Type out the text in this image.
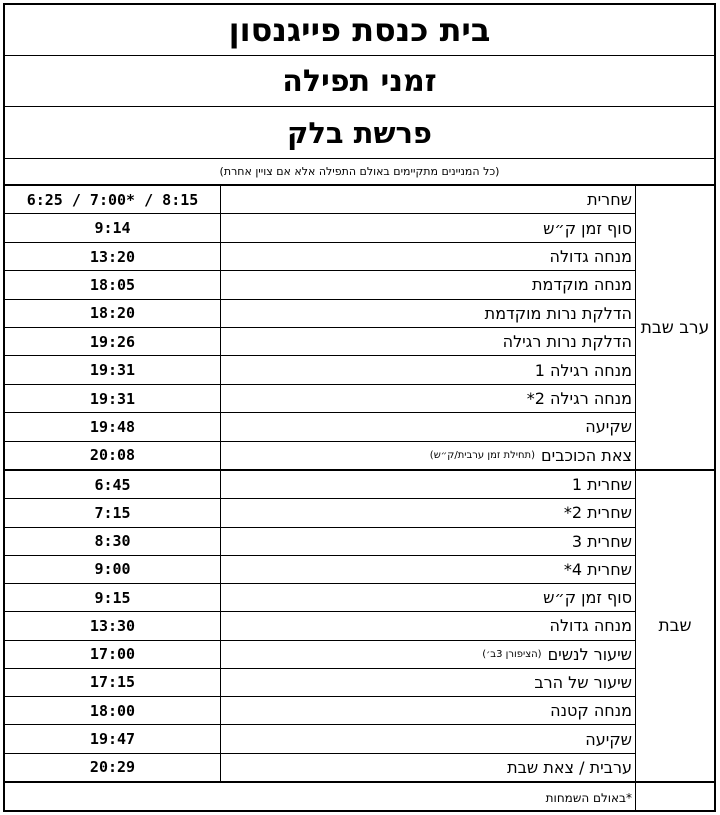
בית כנסת פייגנסון
זמני תפילה
פרשת בלק
(כל המניינים מתקיימים באולם התפילה אלא אם צויין אחרת)
ערב שבת
שחרית
6:25 / 7:00* / 8:15
סוף זמן ק״ש
9:14
מנחה גדולה
13:20
מנחה מוקדמת
18:05
הדלקת נרות מוקדמת
18:20
הדלקת נרות רגילה
19:26
מנחה רגילה 1
19:31
מנחה רגילה 2*
19:31
שקיעה
19:48
צאת הכוכבים
(תחילת זמן ערבית/ק״ש)
20:08
שבת
שחרית 1
6:45
שחרית 2*
7:15
שחרית 3
8:30
שחרית 4*
9:00
סוף זמן ק״ש
9:15
מנחה גדולה
13:30
שיעור לנשים
(הציפורן 3ב׳)
17:00
שיעור של הרב
17:15
מנחה קטנה
18:00
שקיעה
19:47
ערבית / צאת שבת
20:29
*באולם השמחות
